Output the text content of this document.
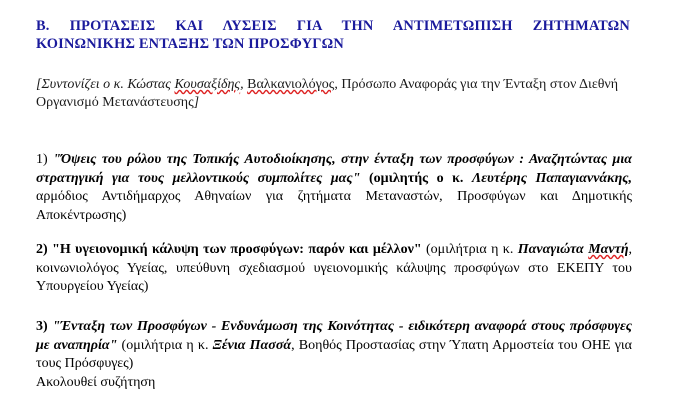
Β. ΠΡΟΤΑΣΕΙΣ ΚΑΙ ΛΥΣΕΙΣ ΓΙΑ ΤΗΝ ΑΝΤΙΜΕΤΩΠΙΣΗ ΖΗΤΗΜΑΤΩΝ
ΚΟΙΝΩΝΙΚΗΣ ΕΝΤΑΞΗΣ ΤΩΝ ΠΡΟΣΦΥΓΩΝ
[Συντονίζει ο κ. Κώστας Κουσαξίδης, Βαλκανιολόγος, Πρόσωπο Αναφοράς για την Ένταξη στον Διεθνή Οργανισμό Μετανάστευσης]
1) "Όψεις του ρόλου της Τοπικής Αυτοδιοίκησης, στην ένταξη των προσφύγων : Αναζητώντας μια στρατηγική για τους μελλοντικούς συμπολίτες μας" (ομιλητής ο κ. Λευτέρης Παπαγιαννάκης, αρμόδιος Αντιδήμαρχος Αθηναίων για ζητήματα Μεταναστών, Προσφύγων και Δημοτικής Αποκέντρωσης)
2) "Η υγειονομική κάλυψη των προσφύγων: παρόν και μέλλον" (ομιλήτρια η κ. Παναγιώτα Μαντή, κοινωνιολόγος Υγείας, υπεύθυνη σχεδιασμού υγειονομικής κάλυψης προσφύγων στο ΕΚΕΠΥ του Υπουργείου Υγείας)
3) "Ένταξη των Προσφύγων - Ενδυνάμωση της Κοινότητας - ειδικότερη αναφορά στους πρόσφυγες με αναπηρία" (ομιλήτρια η κ. Ξένια Πασσά, Βοηθός Προστασίας στην Ύπατη Αρμοστεία του ΟΗΕ για τους Πρόσφυγες)
Ακολουθεί συζήτηση
